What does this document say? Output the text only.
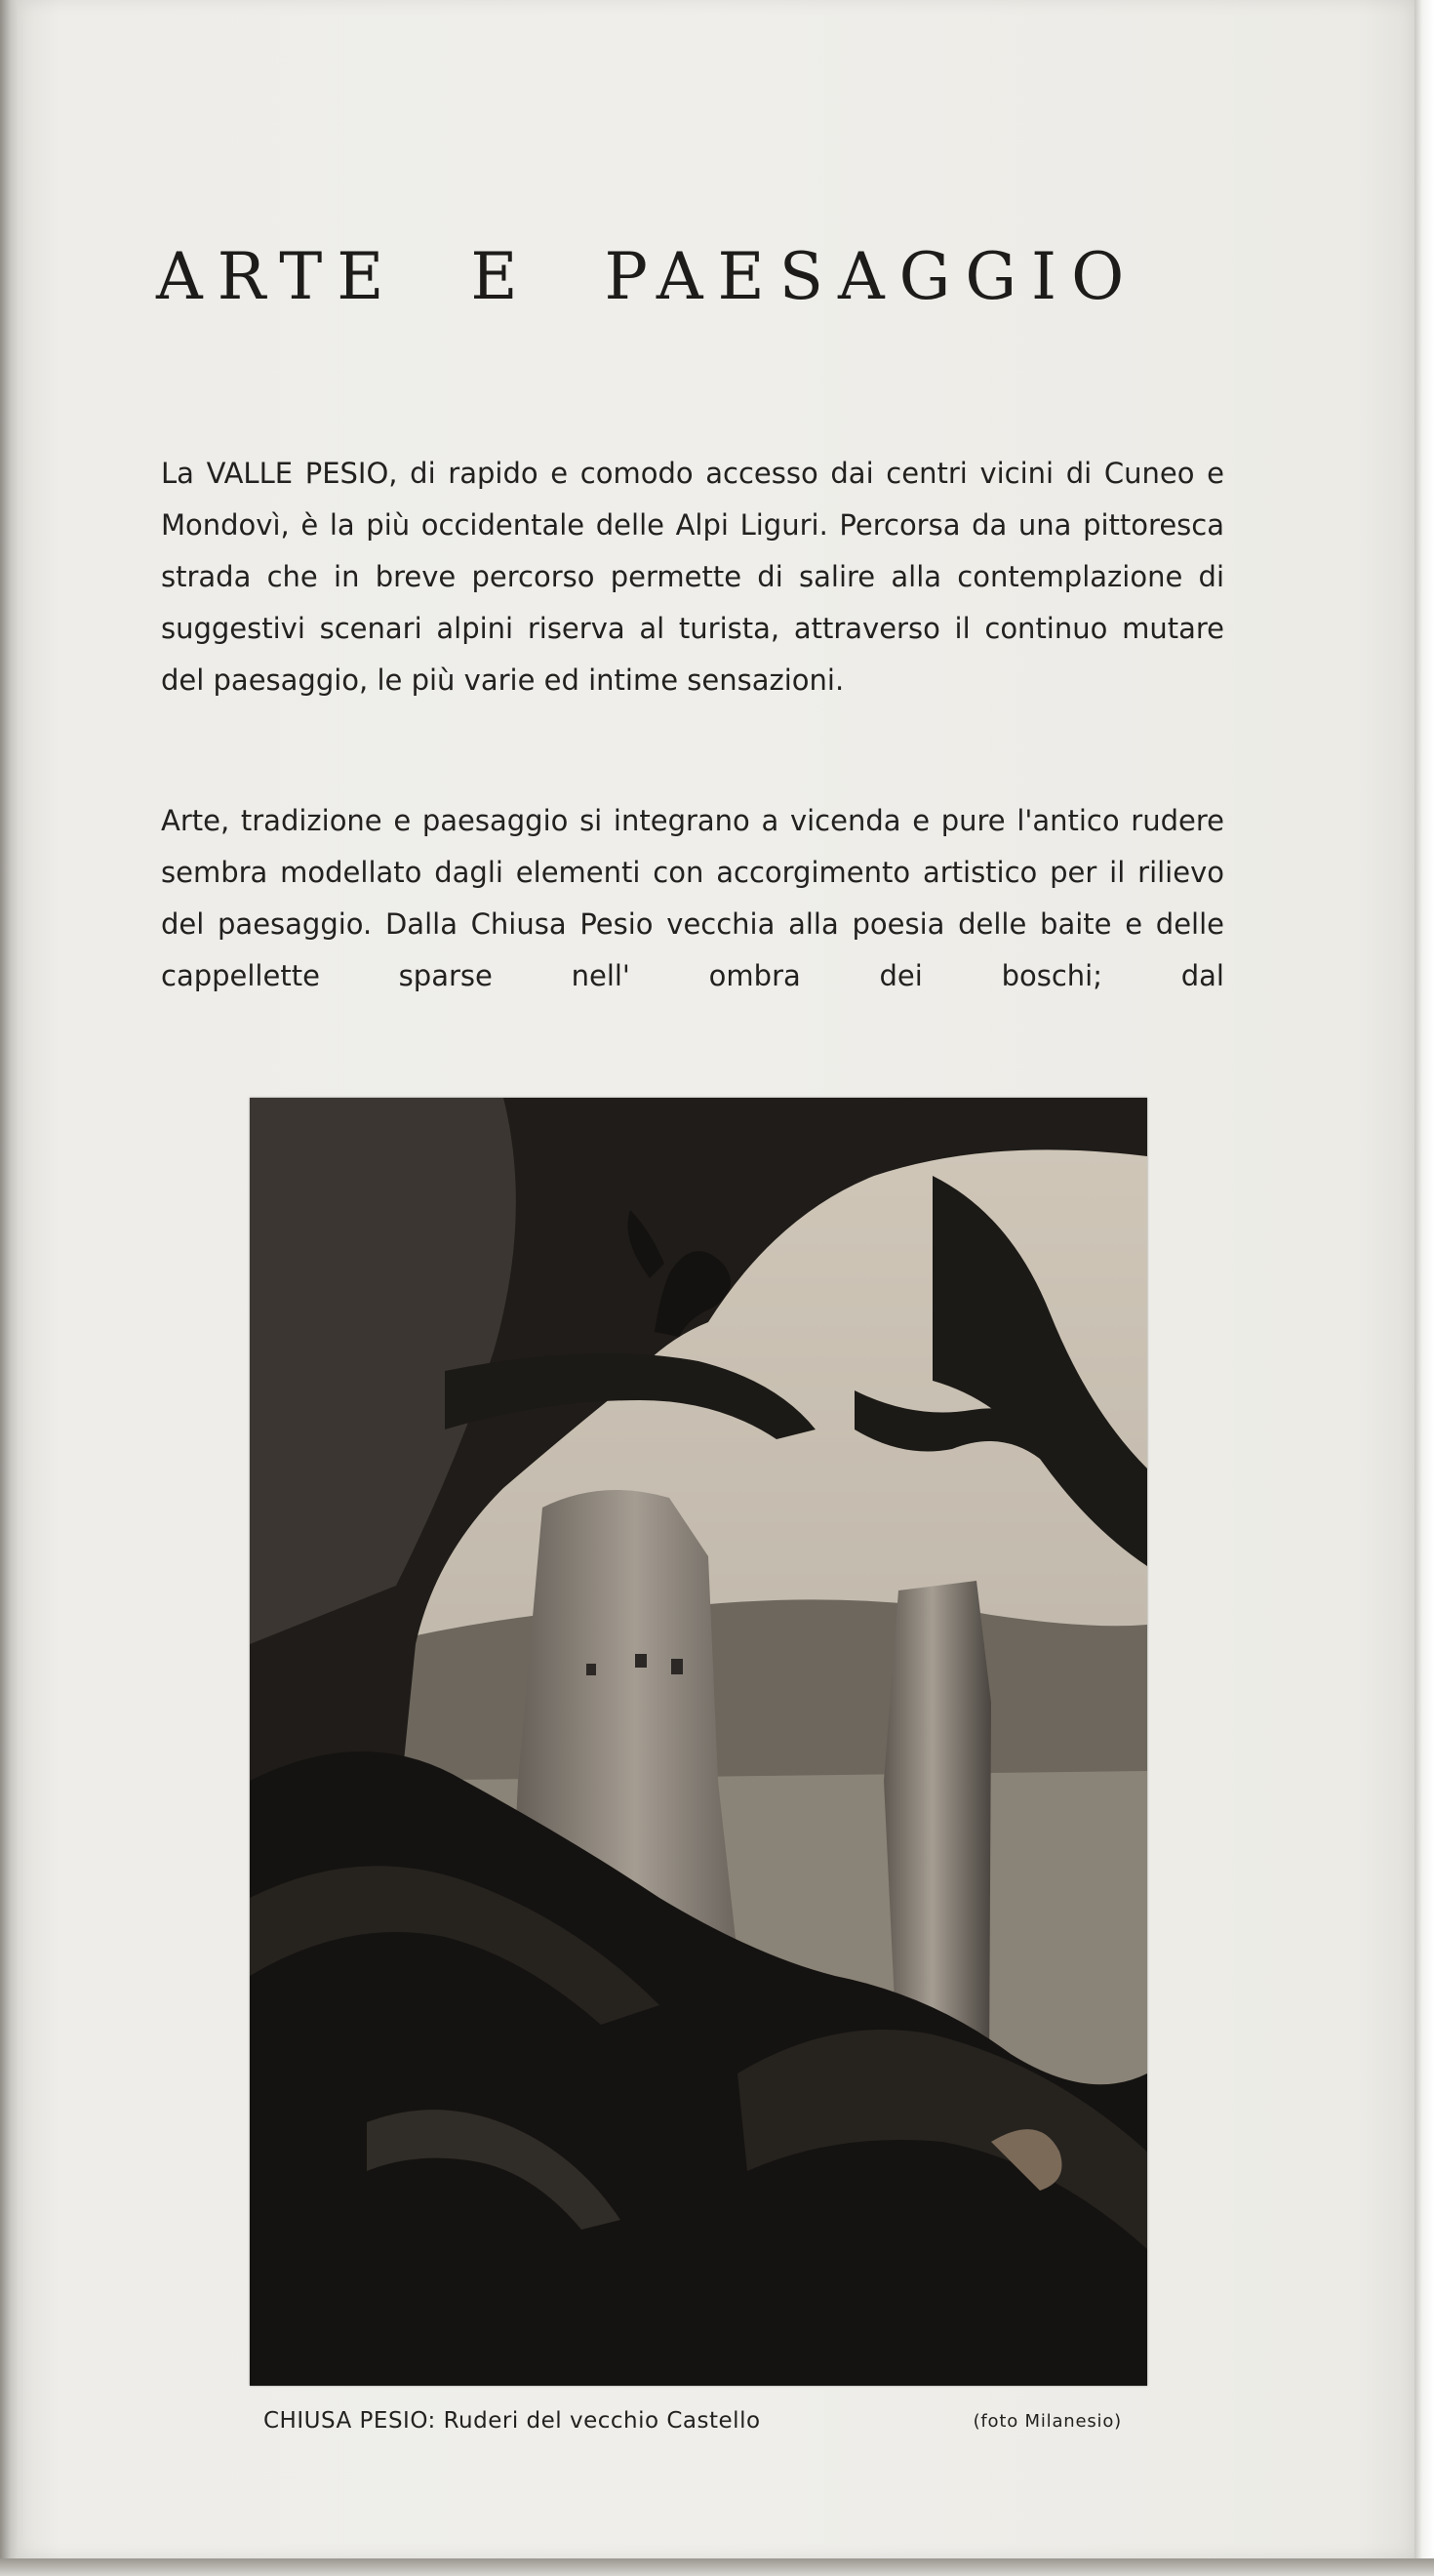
ARTE E PAESAGGIO

La VALLE PESIO, di rapido e comodo accesso dai centri vicini di Cuneo e Mondovì, è la più occidentale delle Alpi Liguri. Percorsa da una pittoresca strada che in breve percorso permette di salire alla contemplazione di suggestivi scenari alpini riserva al turista, attraverso il continuo mutare del paesaggio, le più varie ed intime sensazioni.

Arte, tradizione e paesaggio si integrano a vicenda e pure l'antico rudere sembra modellato dagli elementi con accorgimento artistico per il rilievo del paesaggio. Dalla Chiusa Pesio vecchia alla poesia delle baite e delle cappellette sparse nell' ombra dei boschi; dal

CHIUSA PESIO: Ruderi del vecchio Castello	(foto Milanesio)
